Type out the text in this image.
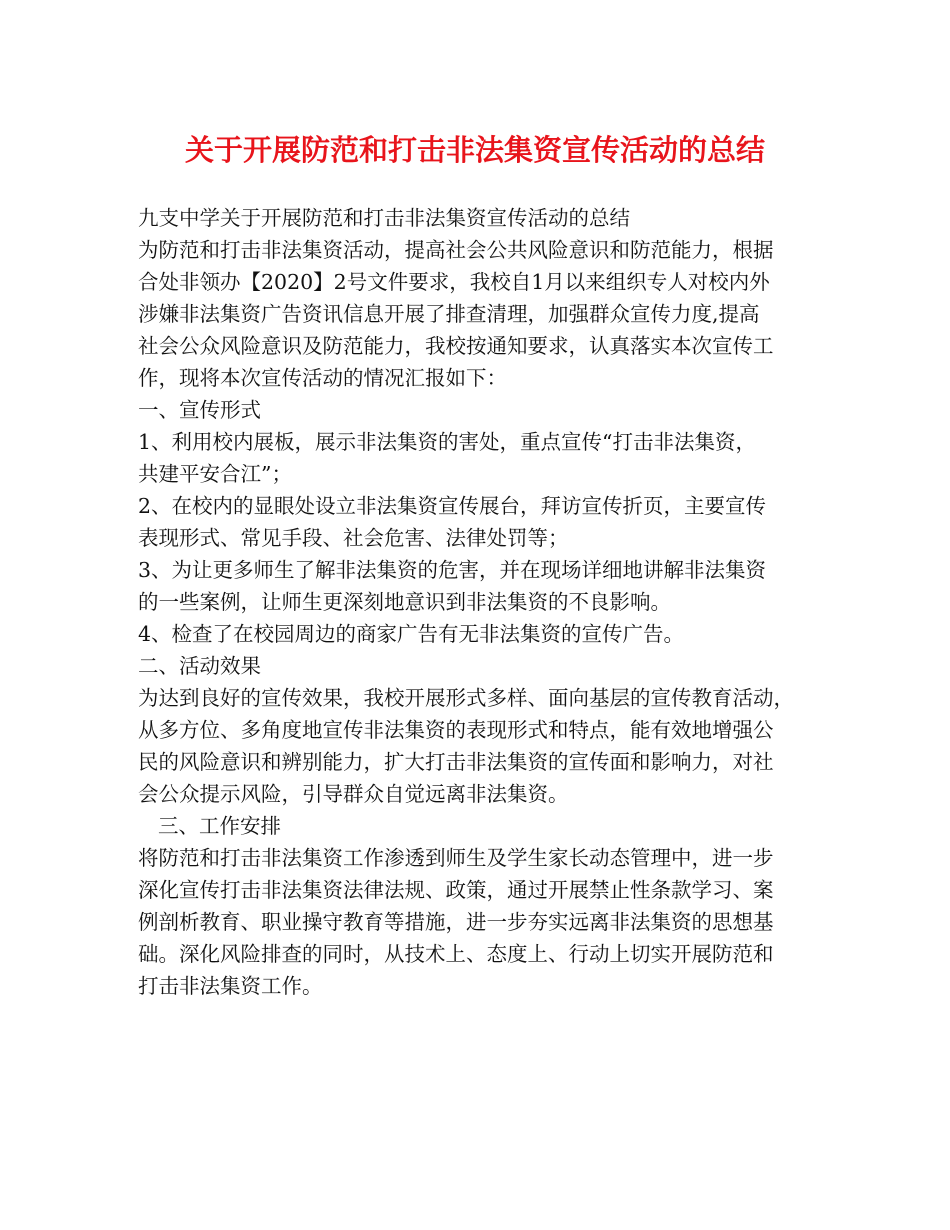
关于开展防范和打击非法集资宣传活动的总结
九支中学关于开展防范和打击非法集资宣传活动的总结
为防范和打击非法集资活动，提高社会公共风险意识和防范能力，根据
合处非领办【2020】2号文件要求，我校自1月以来组织专人对校内外
涉嫌非法集资广告资讯信息开展了排查清理，加强群众宣传力度,提高
社会公众风险意识及防范能力，我校按通知要求，认真落实本次宣传工
作，现将本次宣传活动的情况汇报如下：
一、宣传形式
1、利用校内展板，展示非法集资的害处，重点宣传“打击非法集资，
共建平安合江”；
2、在校内的显眼处设立非法集资宣传展台，拜访宣传折页，主要宣传
表现形式、常见手段、社会危害、法律处罚等；
3、为让更多师生了解非法集资的危害，并在现场详细地讲解非法集资
的一些案例，让师生更深刻地意识到非法集资的不良影响。
4、检查了在校园周边的商家广告有无非法集资的宣传广告。
二、活动效果
为达到良好的宣传效果，我校开展形式多样、面向基层的宣传教育活动，
从多方位、多角度地宣传非法集资的表现形式和特点，能有效地增强公
民的风险意识和辨别能力，扩大打击非法集资的宣传面和影响力，对社
会公众提示风险，引导群众自觉远离非法集资。
三、工作安排
将防范和打击非法集资工作渗透到师生及学生家长动态管理中，进一步
深化宣传打击非法集资法律法规、政策，通过开展禁止性条款学习、案
例剖析教育、职业操守教育等措施，进一步夯实远离非法集资的思想基
础。深化风险排查的同时，从技术上、态度上、行动上切实开展防范和
打击非法集资工作。
